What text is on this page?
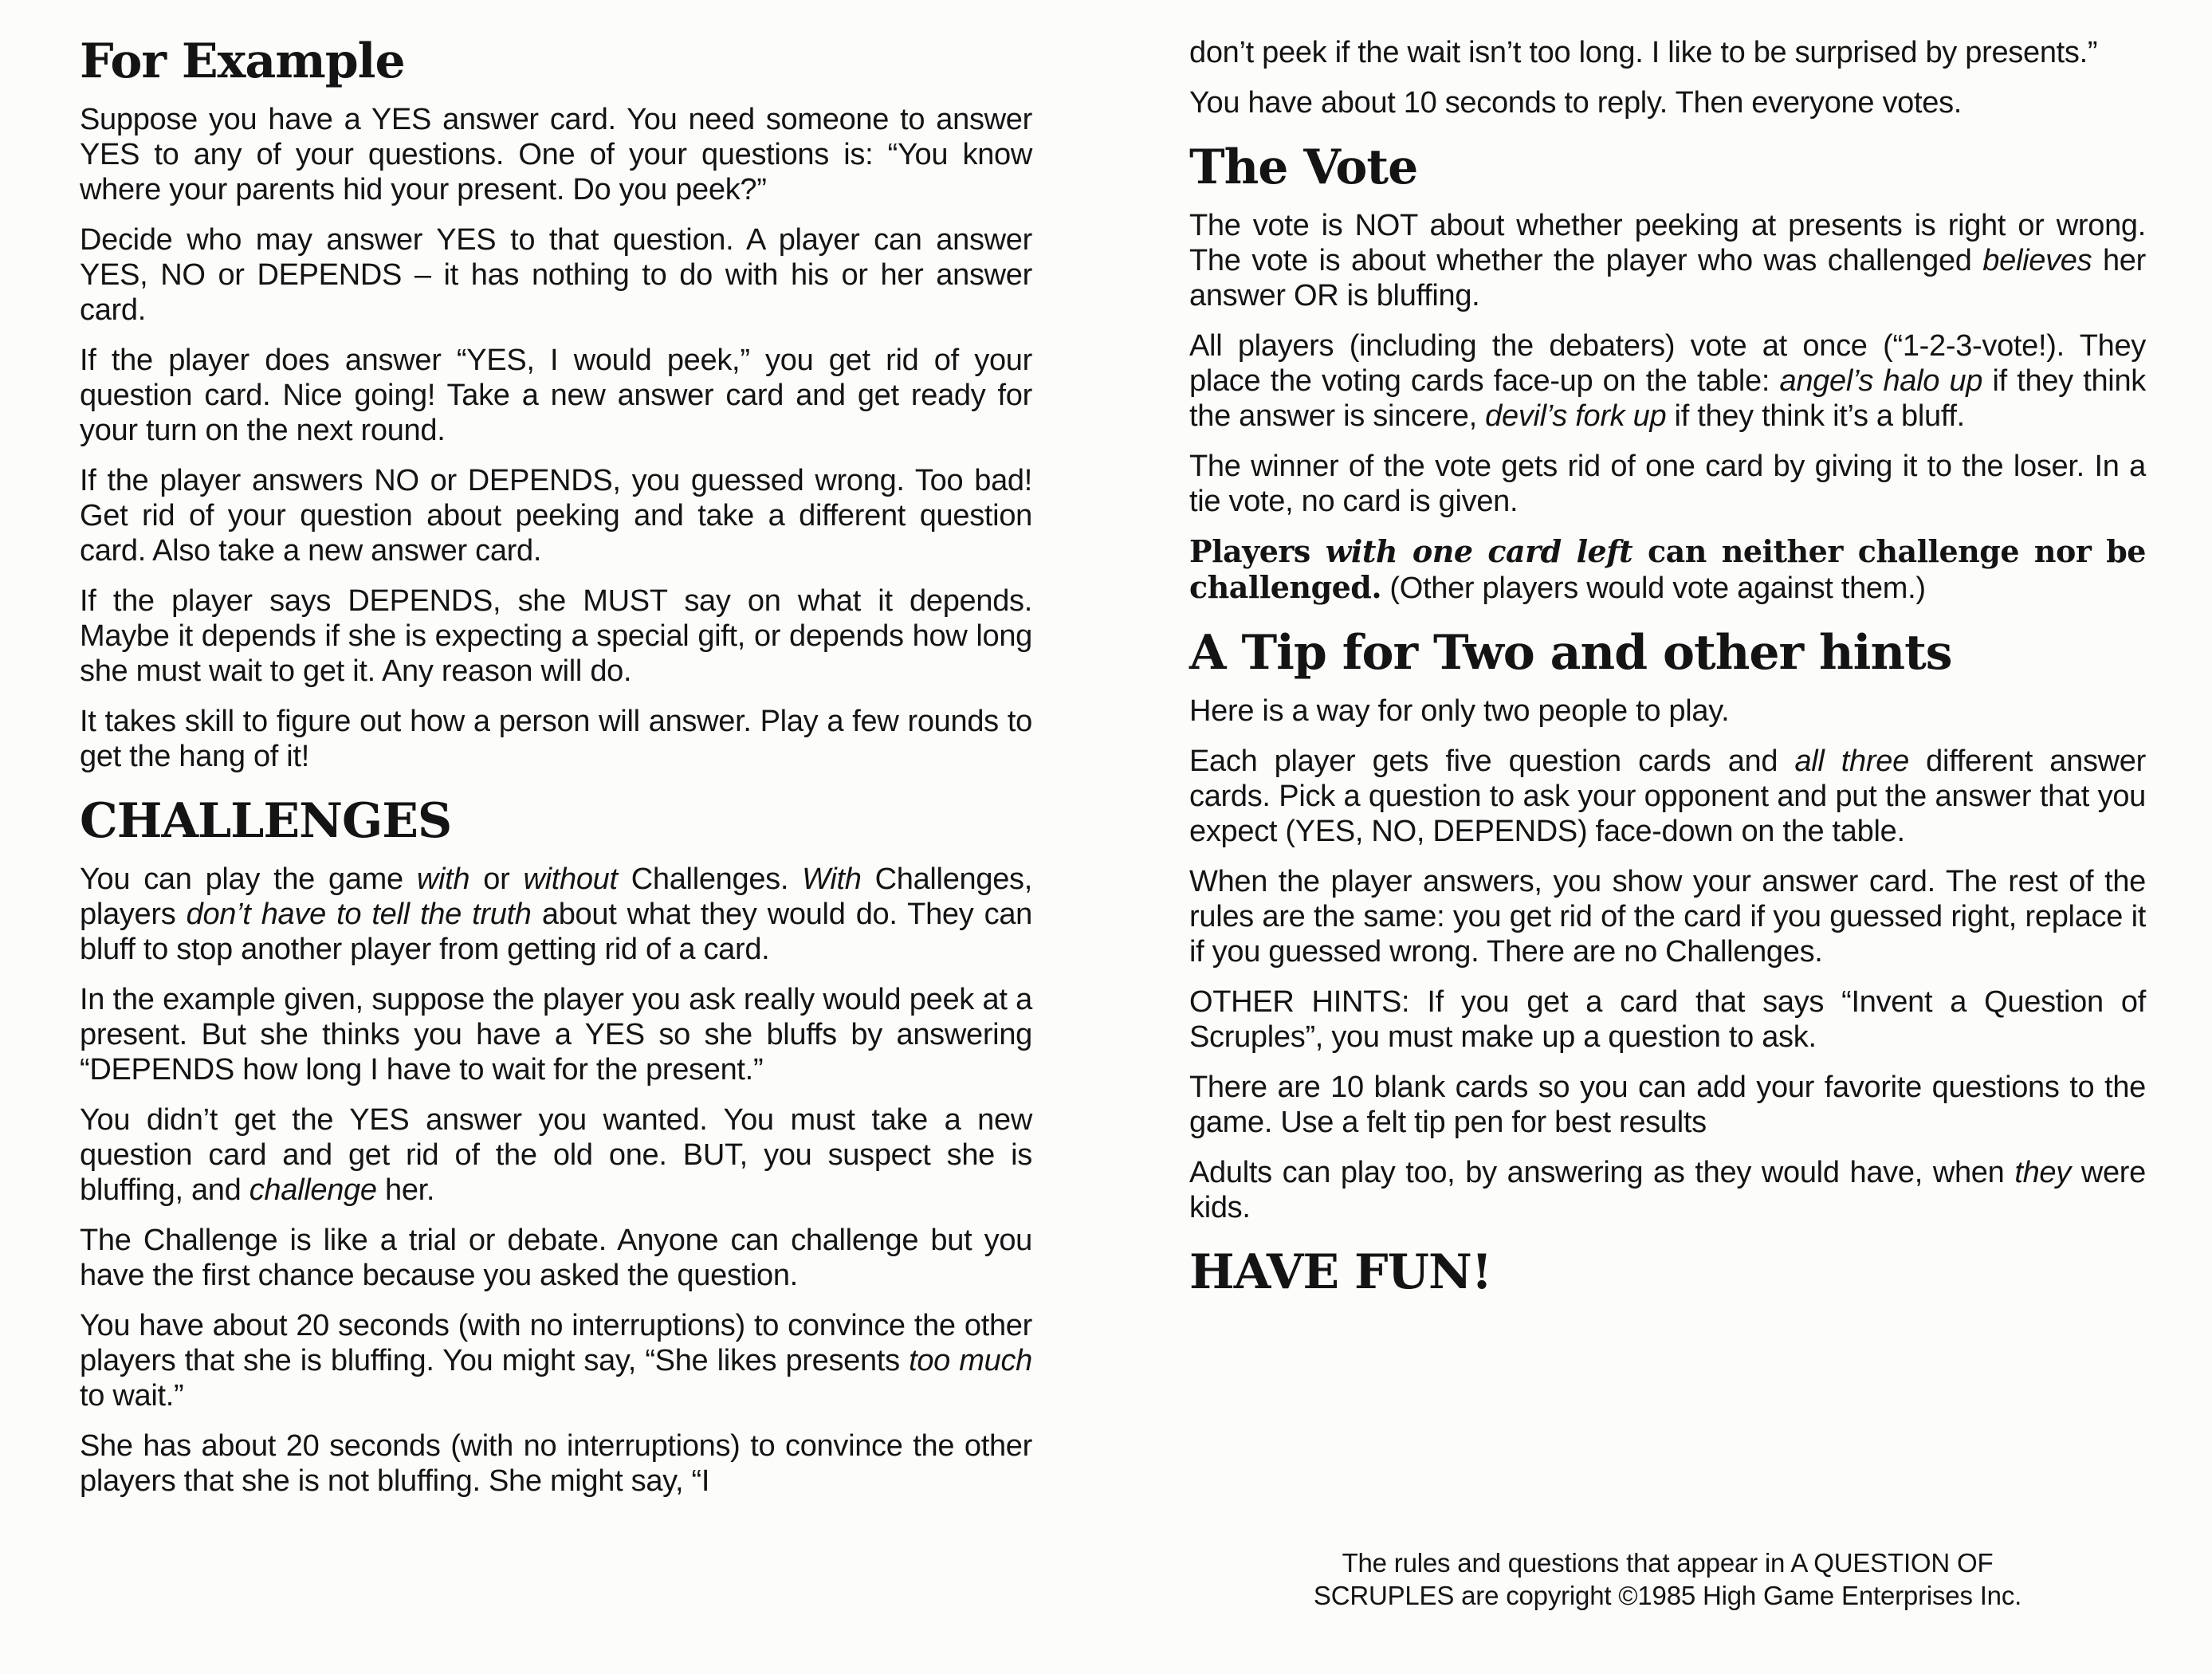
For Example

Suppose you have a YES answer card. You need someone to answer YES to any of your questions. One of your questions is: “You know where your parents hid your present. Do you peek?”

Decide who may answer YES to that question. A player can answer YES, NO or DEPENDS – it has nothing to do with his or her answer card.

If the player does answer “YES, I would peek,” you get rid of your question card. Nice going! Take a new answer card and get ready for your turn on the next round.

If the player answers NO or DEPENDS, you guessed wrong. Too bad! Get rid of your question about peeking and take a different question card. Also take a new answer card.

If the player says DEPENDS, she MUST say on what it depends. Maybe it depends if she is expecting a special gift, or depends how long she must wait to get it. Any reason will do.

It takes skill to figure out how a person will answer. Play a few rounds to get the hang of it!

CHALLENGES

You can play the game with or without Challenges. With Challenges, players don’t have to tell the truth about what they would do. They can bluff to stop another player from getting rid of a card.

In the example given, suppose the player you ask really would peek at a present. But she thinks you have a YES so she bluffs by answering “DEPENDS how long I have to wait for the present.”

You didn’t get the YES answer you wanted. You must take a new question card and get rid of the old one. BUT, you suspect she is bluffing, and challenge her.

The Challenge is like a trial or debate. Anyone can challenge but you have the first chance because you asked the question.

You have about 20 seconds (with no interruptions) to convince the other players that she is bluffing. You might say, “She likes presents too much to wait.”

She has about 20 seconds (with no interruptions) to convince the other players that she is not bluffing. She might say, “I

don’t peek if the wait isn’t too long. I like to be surprised by presents.”

You have about 10 seconds to reply. Then everyone votes.

The Vote

The vote is NOT about whether peeking at presents is right or wrong. The vote is about whether the player who was challenged believes her answer OR is bluffing.

All players (including the debaters) vote at once (“1-2-3-vote!). They place the voting cards face-up on the table: angel’s halo up if they think the answer is sincere, devil’s fork up if they think it’s a bluff.

The winner of the vote gets rid of one card by giving it to the loser. In a tie vote, no card is given.

Players with one card left can neither challenge nor be challenged. (Other players would vote against them.)

A Tip for Two and other hints

Here is a way for only two people to play.

Each player gets five question cards and all three different answer cards. Pick a question to ask your opponent and put the answer that you expect (YES, NO, DEPENDS) face-down on the table.

When the player answers, you show your answer card. The rest of the rules are the same: you get rid of the card if you guessed right, replace it if you guessed wrong. There are no Challenges.

OTHER HINTS: If you get a card that says “Invent a Question of Scruples”, you must make up a question to ask.

There are 10 blank cards so you can add your favorite questions to the game. Use a felt tip pen for best results

Adults can play too, by answering as they would have, when they were kids.

HAVE FUN!
The rules and questions that appear in A QUESTION OF
SCRUPLES are copyright ©1985 High Game Enterprises Inc.
